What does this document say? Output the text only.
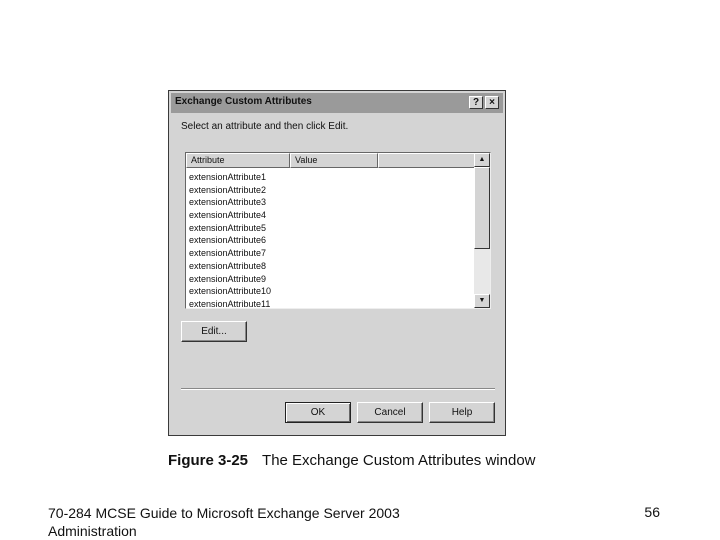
Exchange Custom Attributes	?	×
Select an attribute and then click Edit.
Attribute	Value
extensionAttribute1
extensionAttribute2
extensionAttribute3
extensionAttribute4
extensionAttribute5
extensionAttribute6
extensionAttribute7
extensionAttribute8
extensionAttribute9
extensionAttribute10
extensionAttribute11
▲
▼
Edit...
OK	Cancel	Help
Figure 3-25 The Exchange Custom Attributes window
70-284 MCSE Guide to Microsoft Exchange Server 2003
Administration
56
